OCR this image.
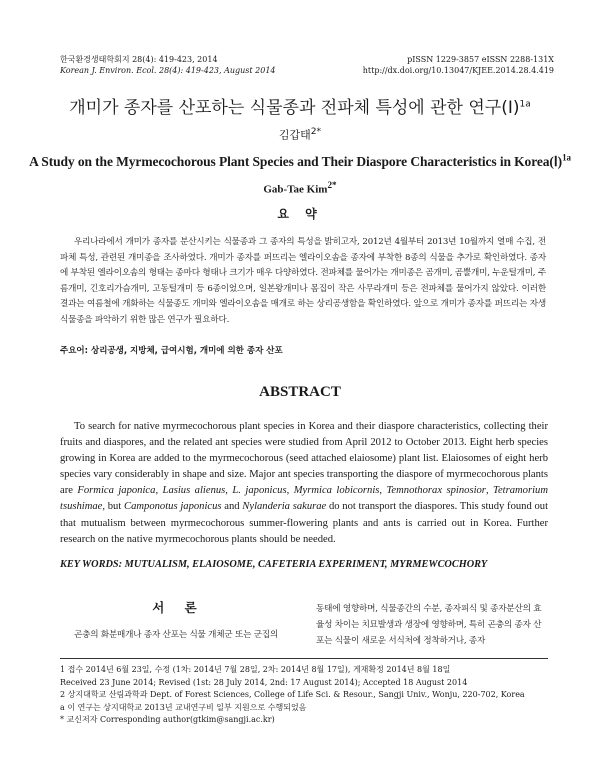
한국환경생태학회지 28(4): 419-423, 2014
Korean J. Environ. Ecol. 28(4): 419-423, August 2014
pISSN 1229-3857 eISSN 2288-131X
http://dx.doi.org/10.13047/KJEE.2014.28.4.419
개미가 종자를 산포하는 식물종과 전파체 특성에 관한 연구(Ⅰ)$^{1a}$
김갑태$^{2*}$
A Study on the Myrmecochorous Plant Species and Their Diaspore Characteristics in Korea(Ⅰ)$^{1a}$
Gab-Tae Kim$^{2*}$
요 약
우리나라에서 개미가 종자를 분산시키는 식물종과 그 종자의 특성을 밝히고자, 2012년 4월부터 2013년 10월까지 열매 수집, 전파체 특성, 관련된 개미종을 조사하였다. 개미가 종자를 퍼뜨리는 엘라이오솜을 종자에 부착한 8종의 식물을 추가로 확인하였다. 종자에 부착된 엘라이오솜의 형태는 종마다 형태나 크기가 매우 다양하였다. 전파체를 물어가는 개미종은 곰개미, 곰뿔개미, 누운털개미, 주름개미, 긴호리가슴개미, 고동털개미 등 6종이었으며, 일본왕개미나 몸집이 작은 사무라개미 등은 전파체를 물어가지 않았다. 이러한 결과는 여름철에 개화하는 식물종도 개미와 엘라이오솜을 매개로 하는 상리공생함을 확인하였다. 앞으로 개미가 종자를 퍼뜨리는 자생 식물종을 파악하기 위한 많은 연구가 필요하다.
주요어: 상리공생, 지방체, 급여시험, 개미에 의한 종자 산포
ABSTRACT
To search for native myrmecochorous plant species in Korea and their diaspore characteristics, collecting their fruits and diaspores, and the related ant species were studied from April 2012 to October 2013. Eight herb species growing in Korea are added to the myrmecochorous (seed attached elaiosome) plant list. Elaiosomes of eight herb species vary considerably in shape and size. Major ant species transporting the diaspore of myrmecochorous plants are Formica japonica, Lasius alienus, L. japonicus, Myrmica lobicornis, Temnothorax spinosior, Tetramorium tsushimae, but Camponotus japonicus and Nylanderia sakurae do not transport the diaspores. This study found out that mutualism between myrmecochorous summer-flowering plants and ants is carried out in Korea. Further research on the native myrmecochorous plants should be needed.
KEY WORDS: MUTUALISM, ELAIOSOME, CAFETERIA EXPERIMENT, MYRMEWCOCHORY
서 론
곤충의 화분매개나 종자 산포는 식물 개체군 또는 군집의
동태에 영향하며, 식물종간의 수분, 종자피식 및 종자분산의 효율성 차이는 치묘발생과 생장에 영향하며, 특히 곤충의 종자 산포는 식물이 새로운 서식처에 정착하거나, 종자
1 접수 2014년 6월 23일, 수정 (1차: 2014년 7월 28일, 2차: 2014년 8월 17일), 게재확정 2014년 8월 18일
Received 23 June 2014; Revised (1st: 28 July 2014, 2nd: 17 August 2014); Accepted 18 August 2014
2 상지대학교 산림과학과 Dept. of Forest Sciences, College of Life Sci. & Resour., Sangji Univ., Wonju, 220-702, Korea
a 이 연구는 상지대학교 2013년 교내연구비 일부 지원으로 수행되었음
* 교신저자 Corresponding author(gtkim@sangji.ac.kr)
